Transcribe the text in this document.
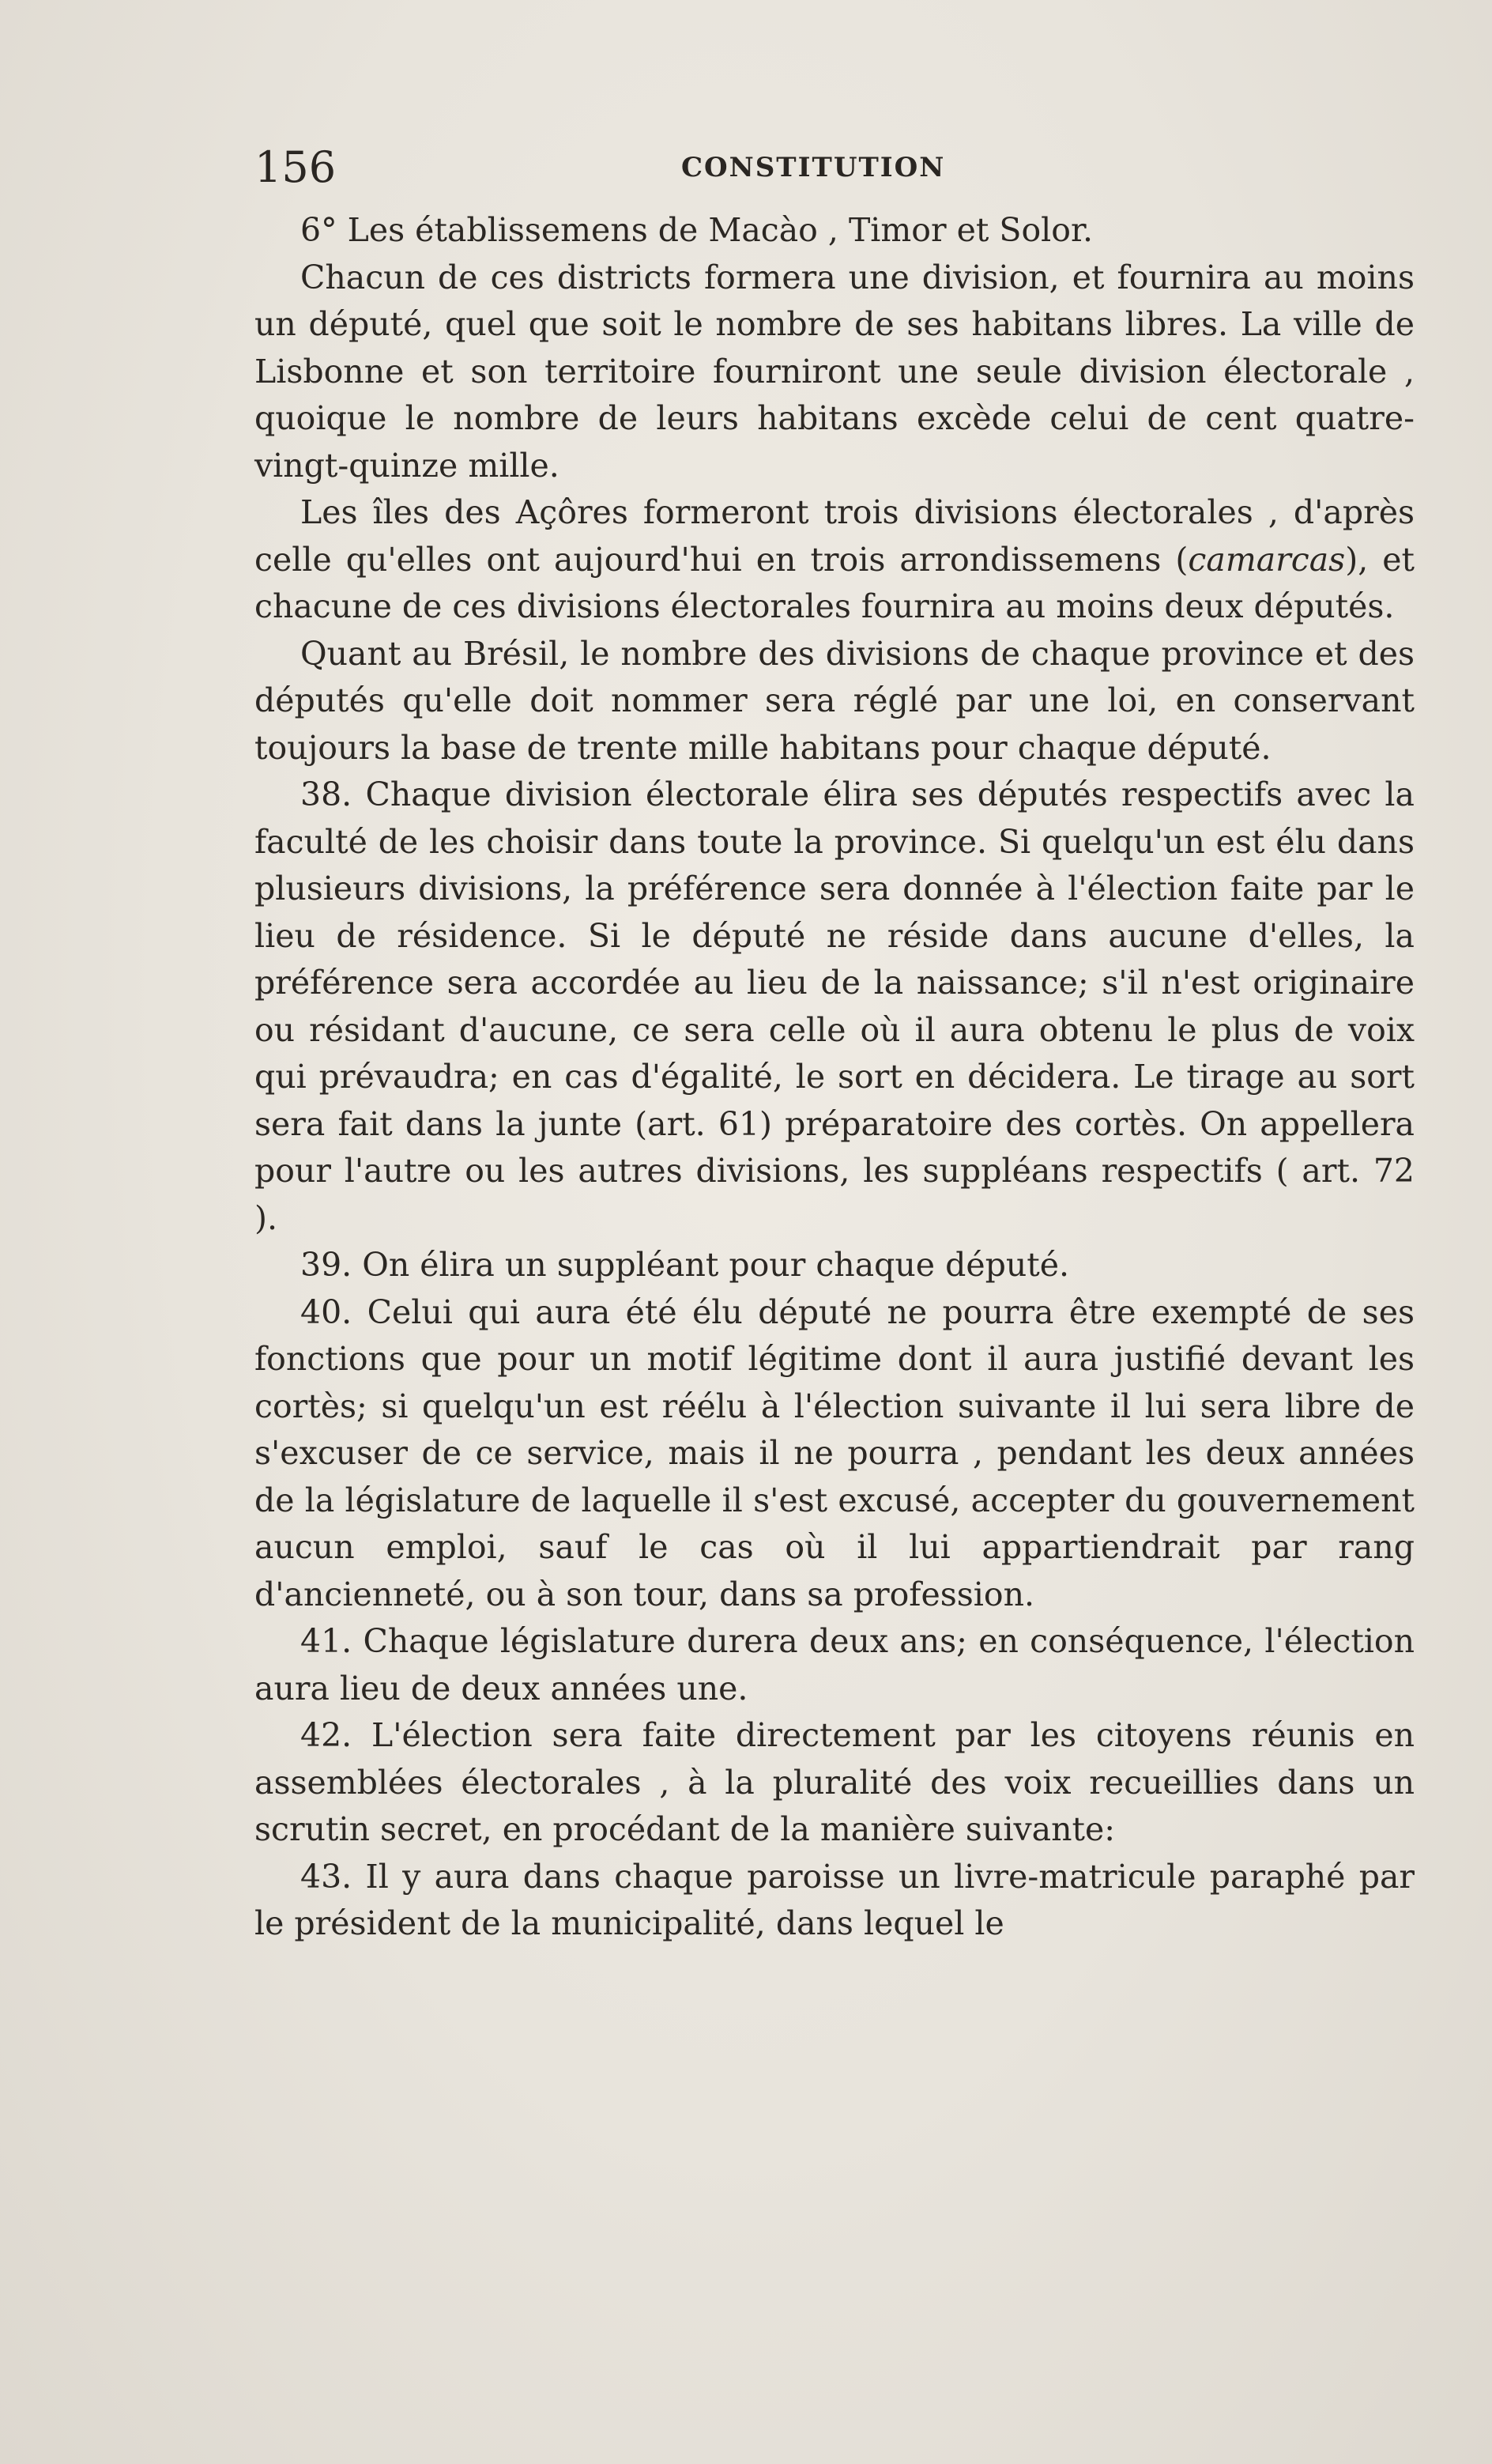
156	CONSTITUTION

6° Les établissemens de Macào , Timor et Solor.

Chacun de ces districts formera une division, et fournira au moins un député, quel que soit le nombre de ses habitans libres. La ville de Lisbonne et son territoire fourniront une seule division électorale , quoique le nombre de leurs habitans excède celui de cent quatre-vingt-quinze mille.

Les îles des Açôres formeront trois divisions électorales , d'après celle qu'elles ont aujourd'hui en trois arrondissemens (camarcas), et chacune de ces divisions électorales fournira au moins deux députés.

Quant au Brésil, le nombre des divisions de chaque province et des députés qu'elle doit nommer sera réglé par une loi, en conservant toujours la base de trente mille habitans pour chaque député.

38. Chaque division électorale élira ses députés respectifs avec la faculté de les choisir dans toute la province. Si quelqu'un est élu dans plusieurs divisions, la préférence sera donnée à l'élection faite par le lieu de résidence. Si le député ne réside dans aucune d'elles, la préférence sera accordée au lieu de la naissance; s'il n'est originaire ou résidant d'aucune, ce sera celle où il aura obtenu le plus de voix qui prévaudra; en cas d'égalité, le sort en décidera. Le tirage au sort sera fait dans la junte (art. 61) préparatoire des cortès. On appellera pour l'autre ou les autres divisions, les suppléans respectifs ( art. 72 ).

39. On élira un suppléant pour chaque député.

40. Celui qui aura été élu député ne pourra être exempté de ses fonctions que pour un motif légitime dont il aura justifié devant les cortès; si quelqu'un est réélu à l'élection suivante il lui sera libre de s'excuser de ce service, mais il ne pourra , pendant les deux années de la législature de laquelle il s'est excusé, accepter du gouvernement aucun emploi, sauf le cas où il lui appartiendrait par rang d'ancienneté, ou à son tour, dans sa profession.

41. Chaque législature durera deux ans; en conséquence, l'élection aura lieu de deux années une.

42. L'élection sera faite directement par les citoyens réunis en assemblées électorales , à la pluralité des voix recueillies dans un scrutin secret, en procédant de la manière suivante:

43. Il y aura dans chaque paroisse un livre-matricule paraphé par le président de la municipalité, dans lequel le
